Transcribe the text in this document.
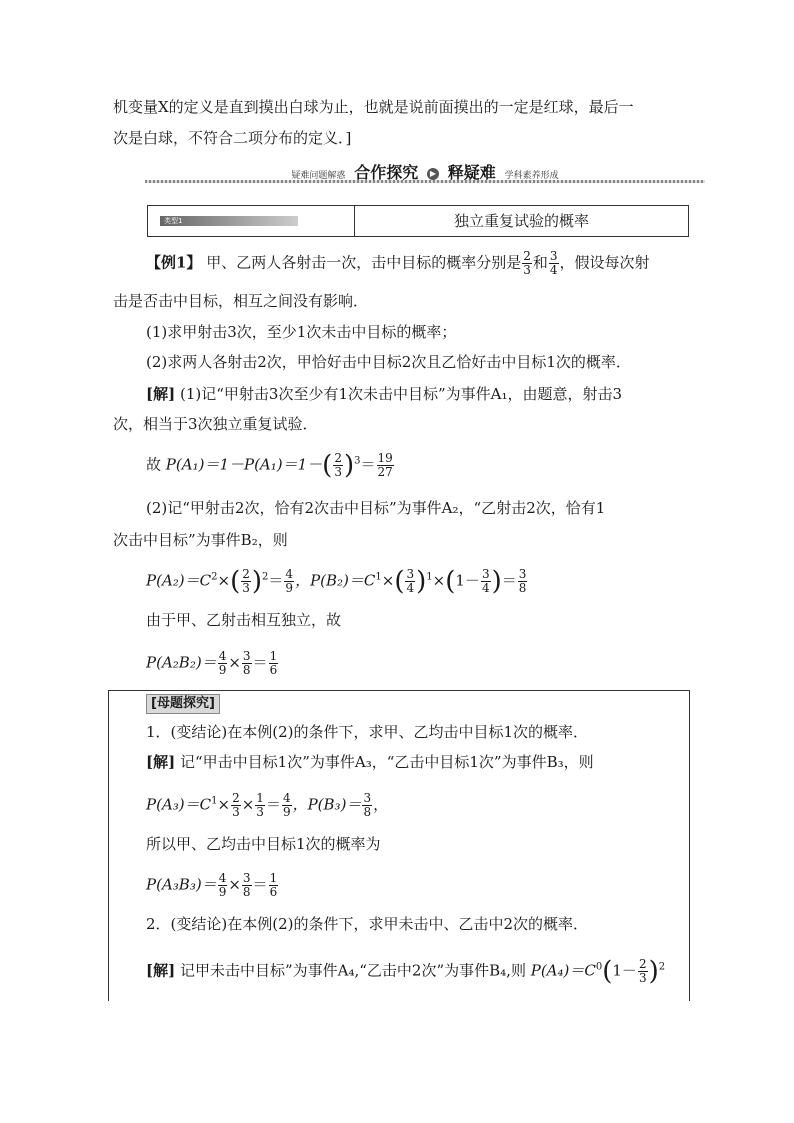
机变量X的定义是直到摸出白球为止，也就是说前面摸出的一定是红球，最后一
次是白球，不符合二项分布的定义．]
疑难问题解惑 合作探究 ▶ 释疑难 学科素养形成
类型1	独立重复试验的概率
【例1】 甲、乙两人各射击一次，击中目标的概率分别是 $\frac{2}{3}$ 和 $\frac{3}{4}$ ，假设每次射
击是否击中目标，相互之间没有影响．
(1)求甲射击3次，至少1次未击中目标的概率；
(2)求两人各射击2次，甲恰好击中目标2次且乙恰好击中目标1次的概率．
[解] (1)记“甲射击3次至少有1次未击中目标”为事件A₁，由题意，射击3
次，相当于3次独立重复试验．
故 $P(A_1)=1-P(A_1)=1-( \frac{2}{3} )^3= \frac{19}{27}$
(2)记“甲射击2次，恰有2次击中目标”为事件A₂，“乙射击2次，恰有1
次击中目标”为事件B₂，则
$P(A_2)=C^2\times( \frac{2}{3} )^2= \frac{4}{9}$ ，$P(B_2)=C^1\times( \frac{3}{4} )^1\times(1- \frac{3}{4}$ )＝ $\frac{3}{8}$
由于甲、乙射击相互独立，故
$P(A_2B_2)= \frac{4}{9} \times \frac{3}{8} = \frac{1}{6}$
[母题探究]
1．(变结论)在本例(2)的条件下，求甲、乙均击中目标1次的概率．
[解] 记“甲击中目标1次”为事件A₃，“乙击中目标1次”为事件B₃，则
$P(A_3)=C^1\times \frac{2}{3} \times \frac{1}{3} = \frac{4}{9}$ ，$P(B_3)= \frac{3}{8}$ ，
所以甲、乙均击中目标1次的概率为
$P(A_3B_3)= \frac{4}{9} \times \frac{3}{8} = \frac{1}{6}$
2．(变结论)在本例(2)的条件下，求甲未击中、乙击中2次的概率．
[解] 记甲未击中目标”为事件A₄,“乙击中2次”为事件B₄,则 $P(A_4)=C^0(1- \frac{2}{3} )^2$
